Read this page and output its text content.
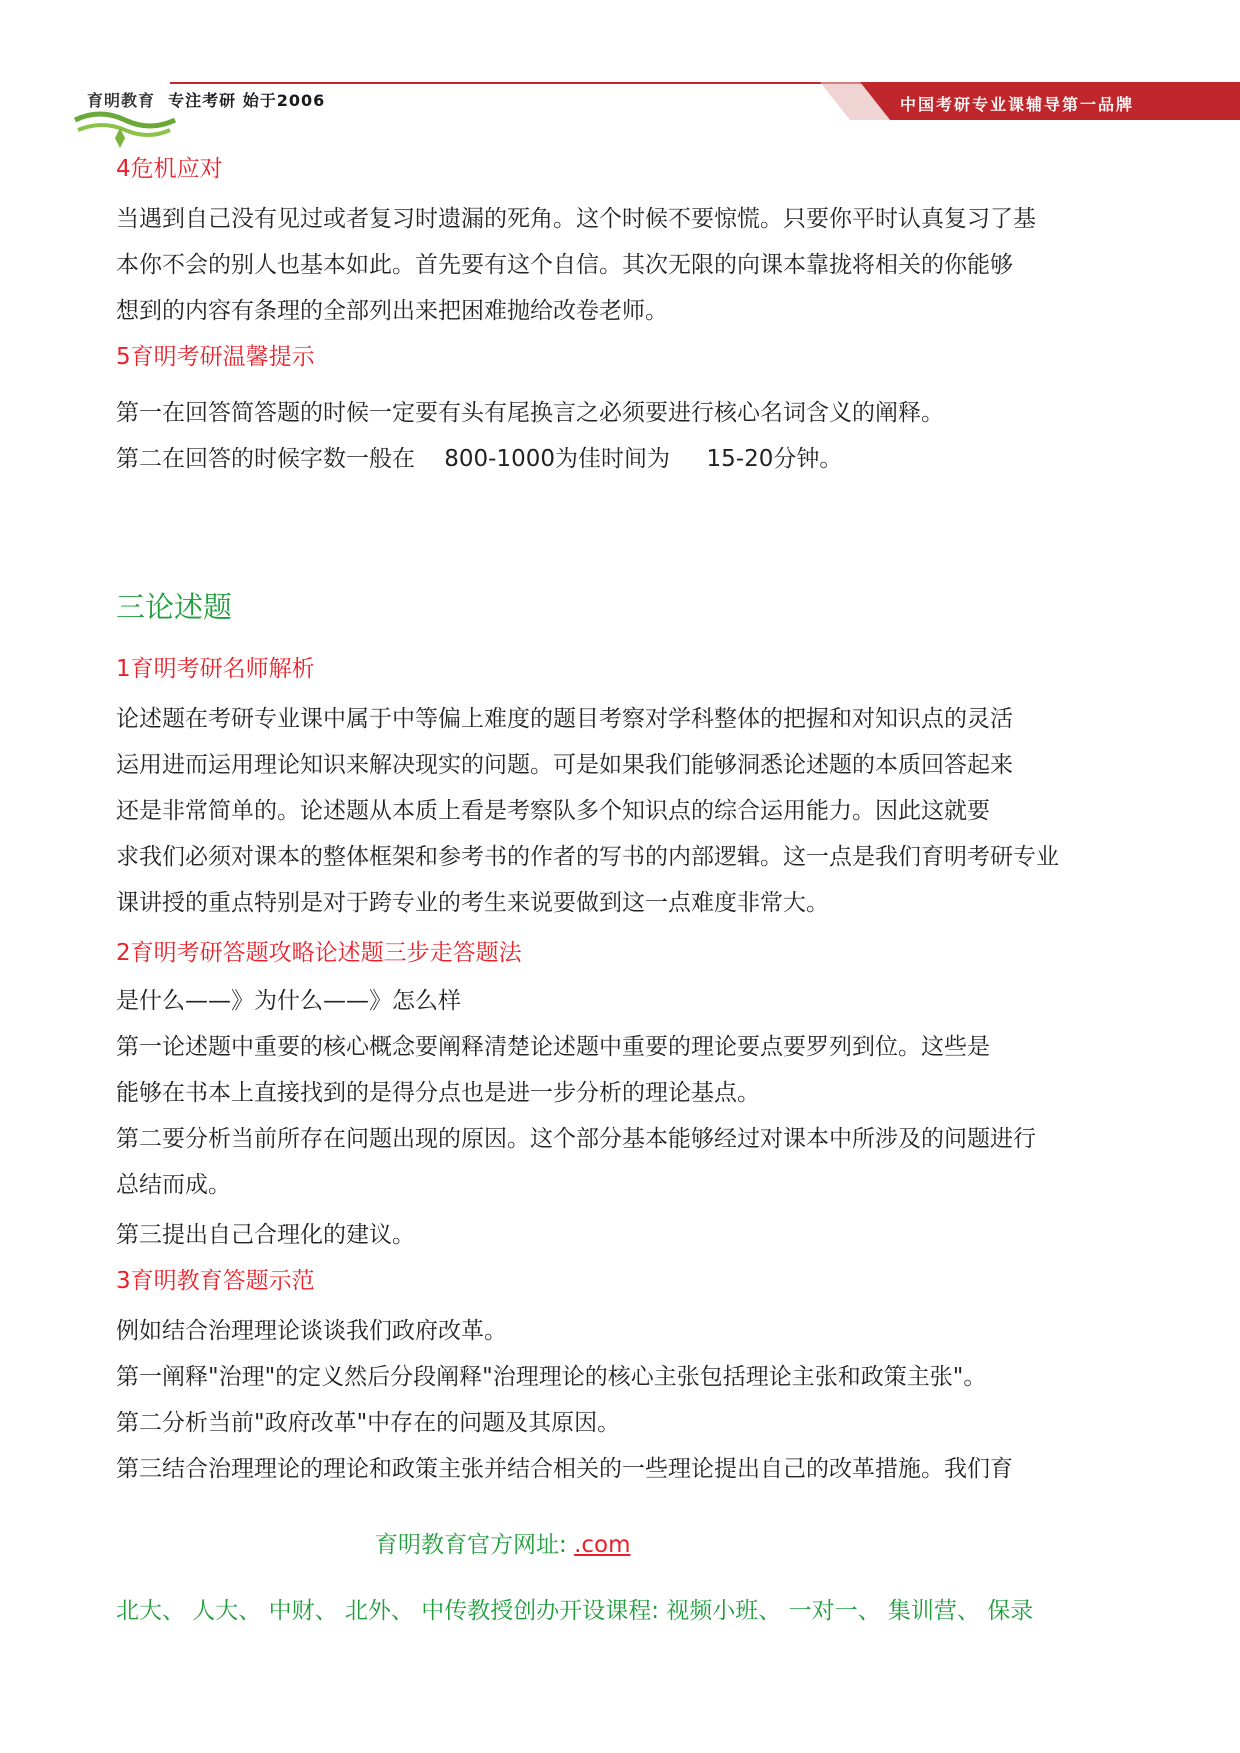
育明教育 专注考研 始于2006	中国考研专业课辅导第一品牌
4危机应对
当遇到自己没有见过或者复习时遗漏的死角。这个时候不要惊慌。只要你平时认真复习了基
本你不会的别人也基本如此。首先要有这个自信。其次无限的向课本靠拢将相关的你能够
想到的内容有条理的全部列出来把困难抛给改卷老师。
5育明考研温馨提示
第一在回答简答题的时候一定要有头有尾换言之必须要进行核心名词含义的阐释。
第二在回答的时候字数一般在    800-1000为佳时间为     15-20分钟。
三论述题
1育明考研名师解析
论述题在考研专业课中属于中等偏上难度的题目考察对学科整体的把握和对知识点的灵活
运用进而运用理论知识来解决现实的问题。可是如果我们能够洞悉论述题的本质回答起来
还是非常简单的。论述题从本质上看是考察队多个知识点的综合运用能力。因此这就要
求我们必须对课本的整体框架和参考书的作者的写书的内部逻辑。这一点是我们育明考研专业
课讲授的重点特别是对于跨专业的考生来说要做到这一点难度非常大。
2育明考研答题攻略论述题三步走答题法
是什么——》为什么——》怎么样
第一论述题中重要的核心概念要阐释清楚论述题中重要的理论要点要罗列到位。这些是
能够在书本上直接找到的是得分点也是进一步分析的理论基点。
第二要分析当前所存在问题出现的原因。这个部分基本能够经过对课本中所涉及的问题进行
总结而成。
第三提出自己合理化的建议。
3育明教育答题示范
例如结合治理理论谈谈我们政府改革。
第一阐释"治理"的定义然后分段阐释"治理理论的核心主张包括理论主张和政策主张"。
第二分析当前"政府改革"中存在的问题及其原因。
第三结合治理理论的理论和政策主张并结合相关的一些理论提出自己的改革措施。我们育
育明教育官方网址: .com
北大、 人大、 中财、 北外、 中传教授创办开设课程: 视频小班、 一对一、 集训营、 保录
